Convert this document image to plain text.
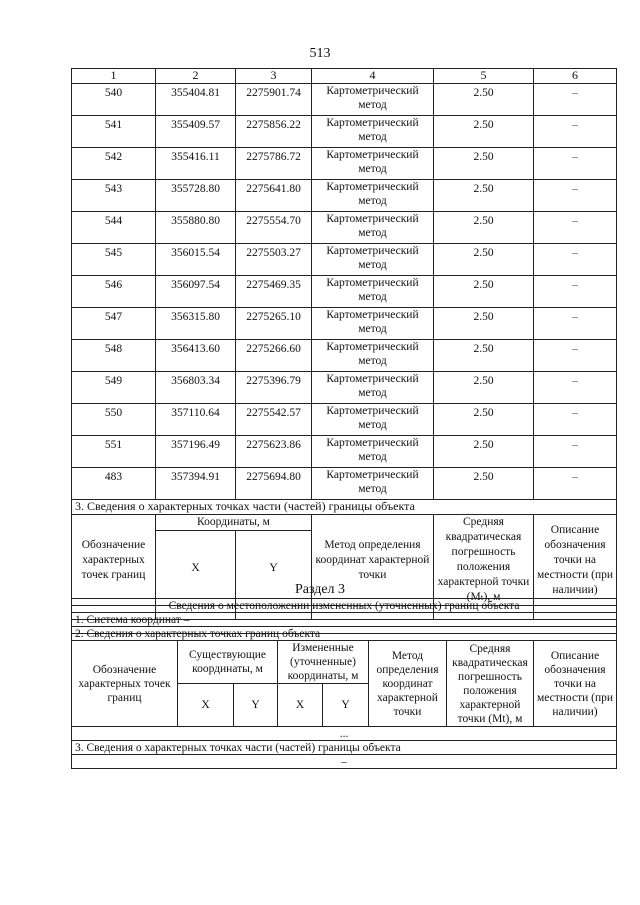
513
1	2	3	4	5	6
540	355404.81	2275901.74	Картометрический метод	2.50	–
541	355409.57	2275856.22	Картометрический метод	2.50	–
542	355416.11	2275786.72	Картометрический метод	2.50	–
543	355728.80	2275641.80	Картометрический метод	2.50	–
544	355880.80	2275554.70	Картометрический метод	2.50	–
545	356015.54	2275503.27	Картометрический метод	2.50	–
546	356097.54	2275469.35	Картометрический метод	2.50	–
547	356315.80	2275265.10	Картометрический метод	2.50	–
548	356413.60	2275266.60	Картометрический метод	2.50	–
549	356803.34	2275396.79	Картометрический метод	2.50	–
550	357110.64	2275542.57	Картометрический метод	2.50	–
551	357196.49	2275623.86	Картометрический метод	2.50	–
483	357394.91	2275694.80	Картометрический метод	2.50	–
3. Сведения о характерных точках части (частей) границы объекта					
Обозначение характерных точек границ	Координаты, м		Метод определения координат характерной точки	Средняя квадратическая погрешность положения характерной точки (Mₜ), м	Описание обозначения точки на местности (при наличии)
	X	Y			

–					
Раздел 3
Сведения о местоположении измененных (уточненных) границ объекта							
1. Система координат –							
2. Сведения о характерных точках границ объекта							
Обозначение характерных точек границ	Существующие координаты, м		Измененные (уточненные) координаты, м		Метод определения координат характерной точки	Средняя квадратическая погрешность положения характерной точки (Mt), м	Описание обозначения точки на местности (при наличии)
	X	Y	X	Y			
...							
3. Сведения о характерных точках части (частей) границы объекта							
–							
